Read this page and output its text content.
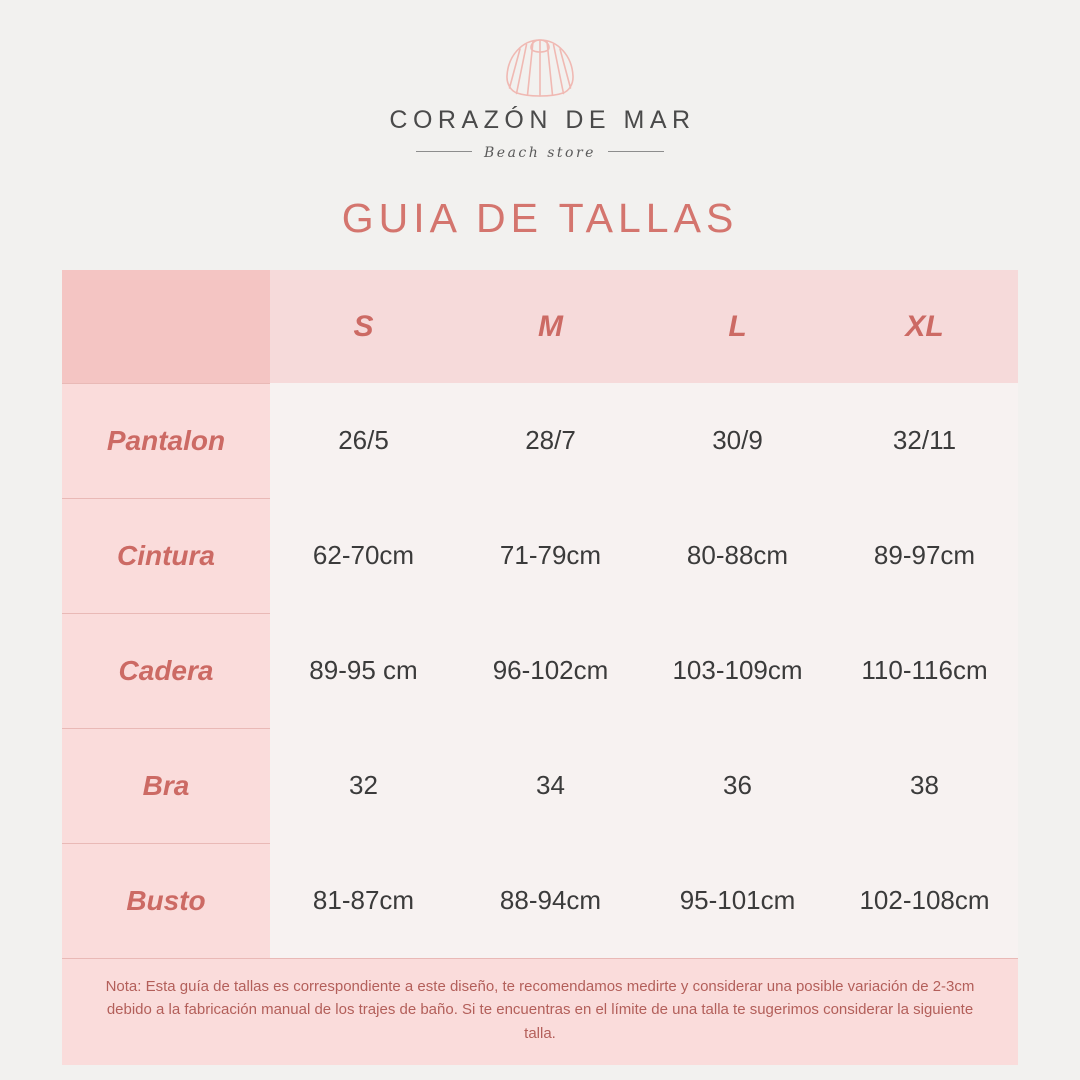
CORAZÓN DE MAR

Beach store

GUIA DE TALLAS
	S	M	L	XL
Pantalon	26/5	28/7	30/9	32/11
Cintura	62-70cm	71-79cm	80-88cm	89-97cm
Cadera	89-95 cm	96-102cm	103-109cm	110-116cm
Bra	32	34	36	38
Busto	81-87cm	88-94cm	95-101cm	102-108cm

Nota: Esta guía de tallas es correspondiente a este diseño, te recomendamos medirte y considerar una posible variación de 2-3cm debido a la fabricación manual de los trajes de baño. Si te encuentras en el límite de una talla te sugerimos considerar la siguiente talla.
